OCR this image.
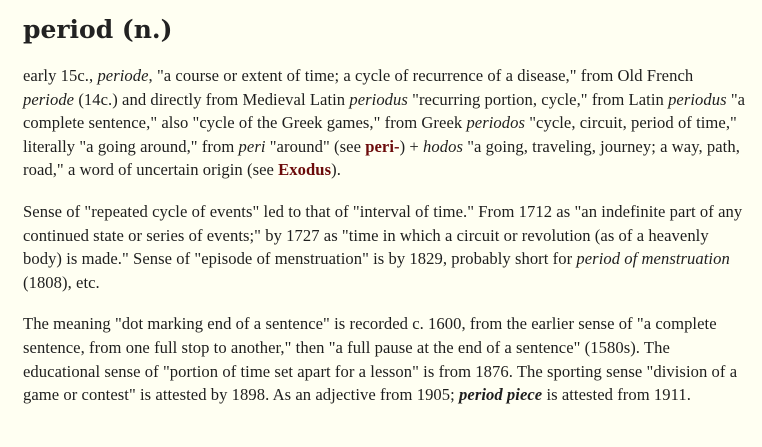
period (n.)

early 15c., periode, "a course or extent of time; a cycle of recurrence of a disease," from Old French periode (14c.) and directly from Medieval Latin periodus "recurring portion, cycle," from Latin periodus "a complete sentence," also "cycle of the Greek games," from Greek periodos "cycle, circuit, period of time," literally "a going around," from peri "around" (see peri-) + hodos "a going, traveling, journey; a way, path, road," a word of uncertain origin (see Exodus).

Sense of "repeated cycle of events" led to that of "interval of time." From 1712 as "an indefinite part of any continued state or series of events;" by 1727 as "time in which a circuit or revolution (as of a heavenly body) is made." Sense of "episode of menstruation" is by 1829, probably short for period of menstruation (1808), etc.

The meaning "dot marking end of a sentence" is recorded c. 1600, from the earlier sense of "a complete sentence, from one full stop to another," then "a full pause at the end of a sentence" (1580s). The educational sense of "portion of time set apart for a lesson" is from 1876. The sporting sense "division of a game or contest" is attested by 1898. As an adjective from 1905; period piece is attested from 1911.
